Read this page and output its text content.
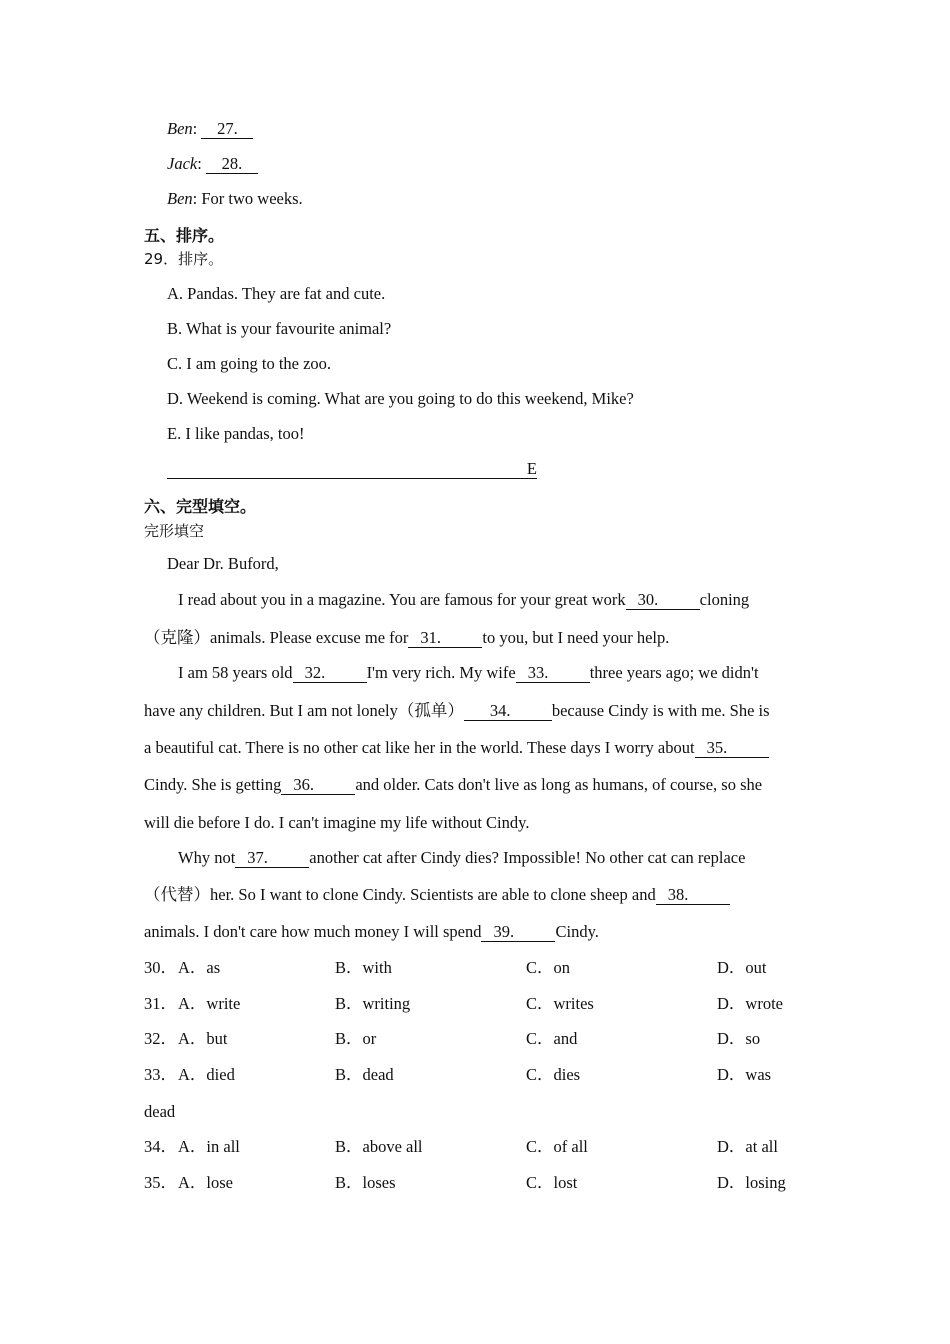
Ben: 27.
Jack: 28.
Ben: For two weeks.
五、排序。
29．排序。
A. Pandas. They are fat and cute.
B. What is your favourite animal?
C. I am going to the zoo.
D. Weekend is coming. What are you going to do this weekend, Mike?
E. I like pandas, too!
E
六、完型填空。
完形填空
Dear Dr. Buford,
I read about you in a magazine. You are famous for your great work 30.	cloning
（克隆）animals. Please excuse me for 31.	to you, but I need your help.
I am 58 years old 32.	I'm very rich. My wife 33.	three years ago; we didn't
have any children. But I am not lonely（孤单） 34.	because Cindy is with me. She is
a beautiful cat. There is no other cat like her in the world. These days I worry about 35.
Cindy. She is getting 36.	and older. Cats don't live as long as humans, of course, so she
will die before I do. I can't imagine my life without Cindy.
Why not 37.	another cat after Cindy dies? Impossible! No other cat can replace
（代替）her. So I want to clone Cindy. Scientists are able to clone sheep and 38.
animals. I don't care how much money I will spend 39.	Cindy.
30． A．as	B．with	C．on	D．out
31． A．write	B．writing	C．writes	D．wrote
32． A．but	B．or	C．and	D．so
33． A．died	B．dead	C．dies	D．was
dead
34． A．in all	B．above all	C．of all	D．at all
35． A．lose	B．loses	C．lost	D．losing
